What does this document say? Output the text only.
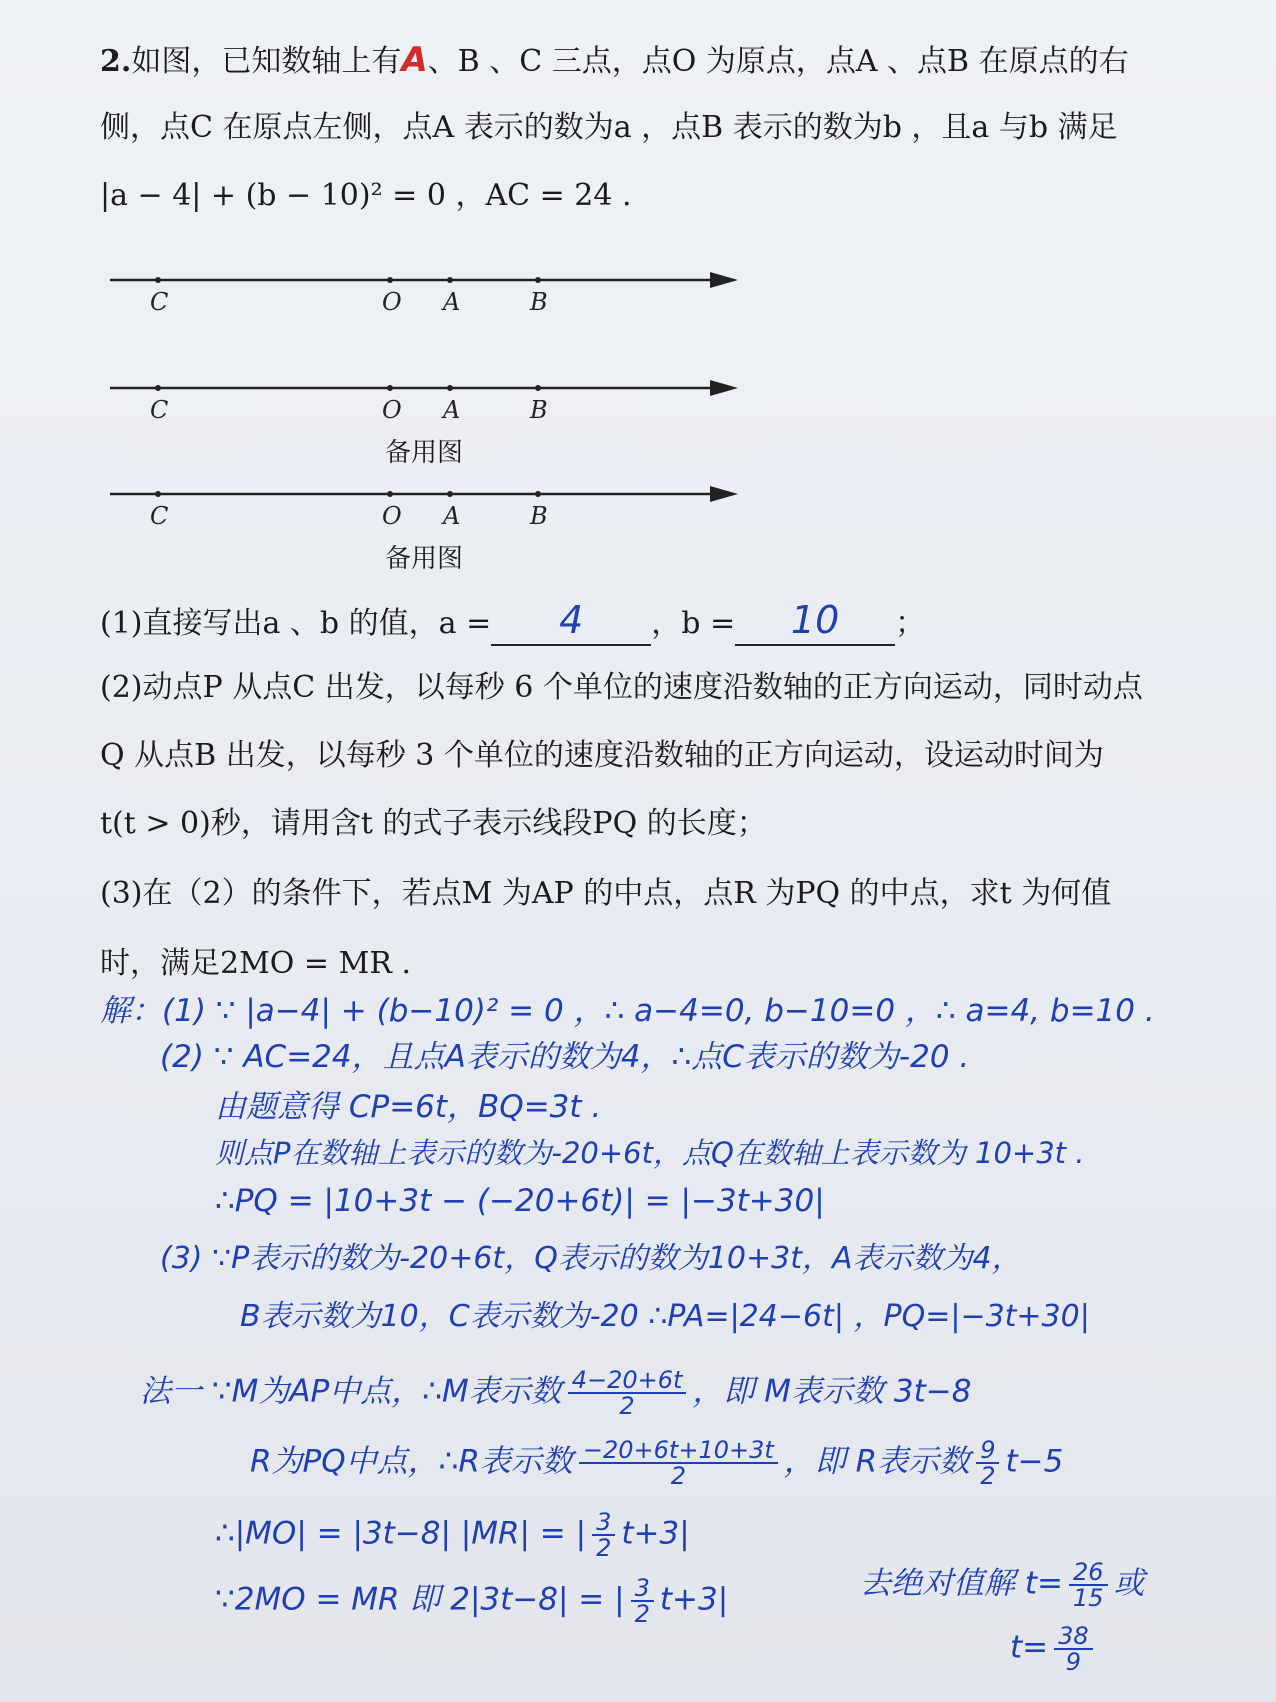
2.如图，已知数轴上有A、B 、C 三点，点O 为原点，点A 、点B 在原点的右
侧，点C 在原点左侧，点A 表示的数为a ，点B 表示的数为b ，且a 与b 满足
|a − 4| + (b − 10)² = 0 ，AC = 24 .
C	O A	B
C	O A	B
备用图
C	O A	B
备用图
(1)直接写出a 、b 的值，a = 4 ，b = 10 ；
(2)动点P 从点C 出发，以每秒 6 个单位的速度沿数轴的正方向运动，同时动点
Q 从点B 出发，以每秒 3 个单位的速度沿数轴的正方向运动，设运动时间为
t(t > 0)秒，请用含t 的式子表示线段PQ 的长度；
(3)在（2）的条件下，若点M 为AP 的中点，点R 为PQ 的中点，求t 为何值
时，满足2MO = MR .
解：(1) ∵ |a−4| + (b−10)² = 0 ，∴ a−4=0, b−10=0 ，∴ a=4, b=10 .
(2) ∵ AC=24，且点A表示的数为4，∴点C表示的数为-20 .
由题意得 CP=6t，BQ=3t .
则点P在数轴上表示的数为-20+6t，点Q在数轴上表示数为 10+3t .
∴PQ = |10+3t − (−20+6t)| = |−3t+30|
(3) ∵P表示的数为-20+6t，Q表示的数为10+3t，A表示数为4，
B表示数为10，C表示数为-20 ∴PA=|24−6t| ，PQ=|−3t+30|
法一 ∵M为AP中点，∴M表示数 $\frac{4-20+6t}{2}$ ，即 M表示数 3t−8
R为PQ中点，∴R表示数 $\frac{-20+6t+10+3t}{2}$ ，即 R表示数 $\frac{9}{2} t-5$
∴|MO| = |3t−8| |MR| = | $\frac{3}{2} t+3|$
∵2MO = MR 即 2|3t−8| = | $\frac{3}{2} t+3|$	去绝对值解 $t= \frac{26}{15}$ 或
$t= \frac{38}{9}$
